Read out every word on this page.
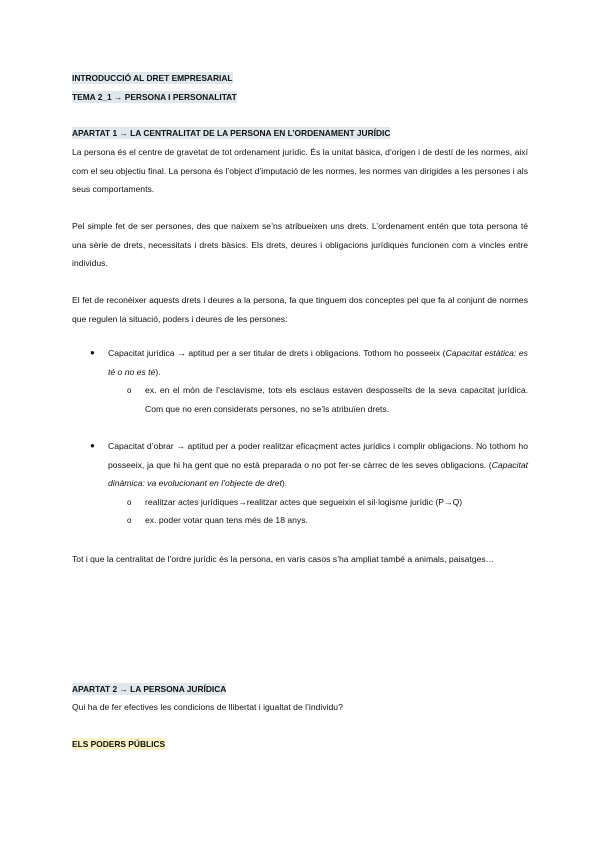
INTRODUCCIÓ AL DRET EMPRESARIAL
TEMA 2_1 → PERSONA I PERSONALITAT
APARTAT 1 → LA CENTRALITAT DE LA PERSONA EN L’ORDENAMENT JURÍDIC
La persona és el centre de gravetat de tot ordenament jurídic. És la unitat bàsica, d’origen i de destí de les normes, així com el seu objectiu final. La persona és l’object d’imputació de les normes, les normes van dirigides a les persones i als seus comportaments.
Pel simple fet de ser persones, des que naixem se’ns atribueixen uns drets. L’ordenament entén que tota persona té una sèrie de drets, necessitats i drets bàsics. Els drets, deures i obligacions jurídiques funcionen com a vincles entre individus.
El fet de reconèixer aquests drets i deures a la persona, fa que tinguem dos conceptes pel que fa al conjunt de normes que regulen la situació, poders i deures de les persones:
● Capacitat jurídica → aptitud per a ser titular de drets i obligacions. Tothom ho posseeix (Capacitat estàtica: es té o no es té).
o ex. en el món de l’esclavisme, tots els esclaus estaven desposseïts de la seva capacitat jurídica. Com que no eren considerats persones, no se’ls atribuïen drets.
● Capacitat d’obrar → aptitud per a poder realitzar eficaçment actes jurídics i complir obligacions. No tothom ho posseeix, ja que hi ha gent que no està preparada o no pot fer-se càrrec de les seves obligacions. (Capacitat dinàmica: va evolucionant en l’objecte de dret).
o realitzar actes jurídiques→realitzar actes que segueixin el sil·logisme jurídic (P→Q)
o ex. poder votar quan tens més de 18 anys.
Tot i que la centralitat de l’ordre jurídic és la persona, en varis casos s’ha ampliat també a animals, paisatges…
APARTAT 2 → LA PERSONA JURÍDICA
Qui ha de fer efectives les condicions de llibertat i igualtat de l’individu?
ELS PODERS PÚBLICS
